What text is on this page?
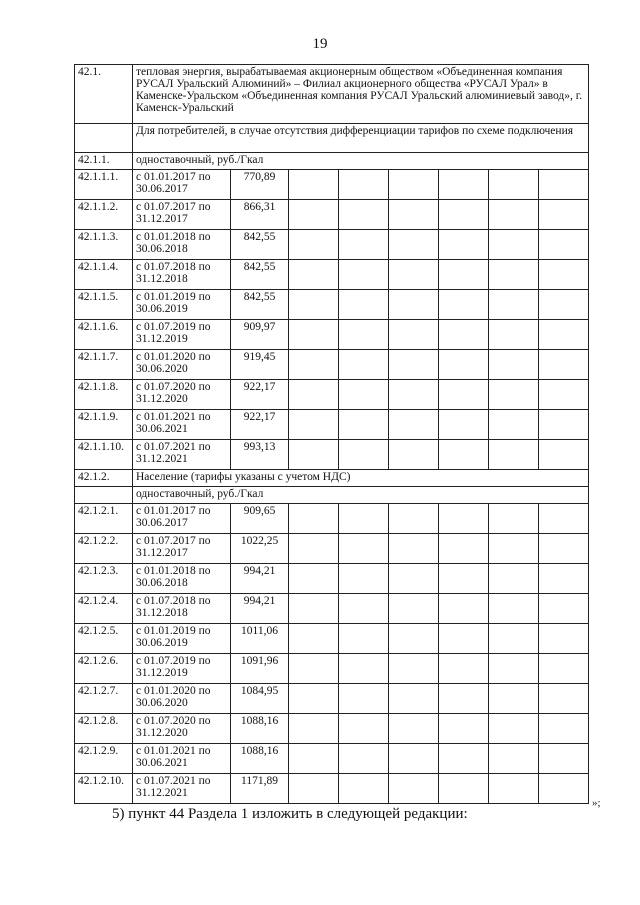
19
42.1.	тепловая энергия, вырабатываемая акционерным обществом «Объединенная компания РУСАЛ Уральский Алюминий» – Филиал акционерного общества «РУСАЛ Урал» в Каменске-Уральском «Объединенная компания РУСАЛ Уральский алюминиевый завод», г. Каменск-Уральский							
	Для потребителей, в случае отсутствия дифференциации тарифов по схеме подключения							
42.1.1.	одноставочный, руб./Гкал							
42.1.1.1.	с 01.01.2017 по 30.06.2017	770,89						
42.1.1.2.	с 01.07.2017 по 31.12.2017	866,31						
42.1.1.3.	с 01.01.2018 по 30.06.2018	842,55						
42.1.1.4.	с 01.07.2018 по 31.12.2018	842,55						
42.1.1.5.	с 01.01.2019 по 30.06.2019	842,55						
42.1.1.6.	с 01.07.2019 по 31.12.2019	909,97						
42.1.1.7.	с 01.01.2020 по 30.06.2020	919,45						
42.1.1.8.	с 01.07.2020 по 31.12.2020	922,17						
42.1.1.9.	с 01.01.2021 по 30.06.2021	922,17						
42.1.1.10.	с 01.07.2021 по 31.12.2021	993,13						
42.1.2.	Население (тарифы указаны с учетом НДС)							
	одноставочный, руб./Гкал							
42.1.2.1.	с 01.01.2017 по 30.06.2017	909,65						
42.1.2.2.	с 01.07.2017 по 31.12.2017	1022,25						
42.1.2.3.	с 01.01.2018 по 30.06.2018	994,21						
42.1.2.4.	с 01.07.2018 по 31.12.2018	994,21						
42.1.2.5.	с 01.01.2019 по 30.06.2019	1011,06						
42.1.2.6.	с 01.07.2019 по 31.12.2019	1091,96						
42.1.2.7.	с 01.01.2020 по 30.06.2020	1084,95						
42.1.2.8.	с 01.07.2020 по 31.12.2020	1088,16						
42.1.2.9.	с 01.01.2021 по 30.06.2021	1088,16						
42.1.2.10.	с 01.07.2021 по 31.12.2021	1171,89						
»;
5) пункт 44 Раздела 1 изложить в следующей редакции:
